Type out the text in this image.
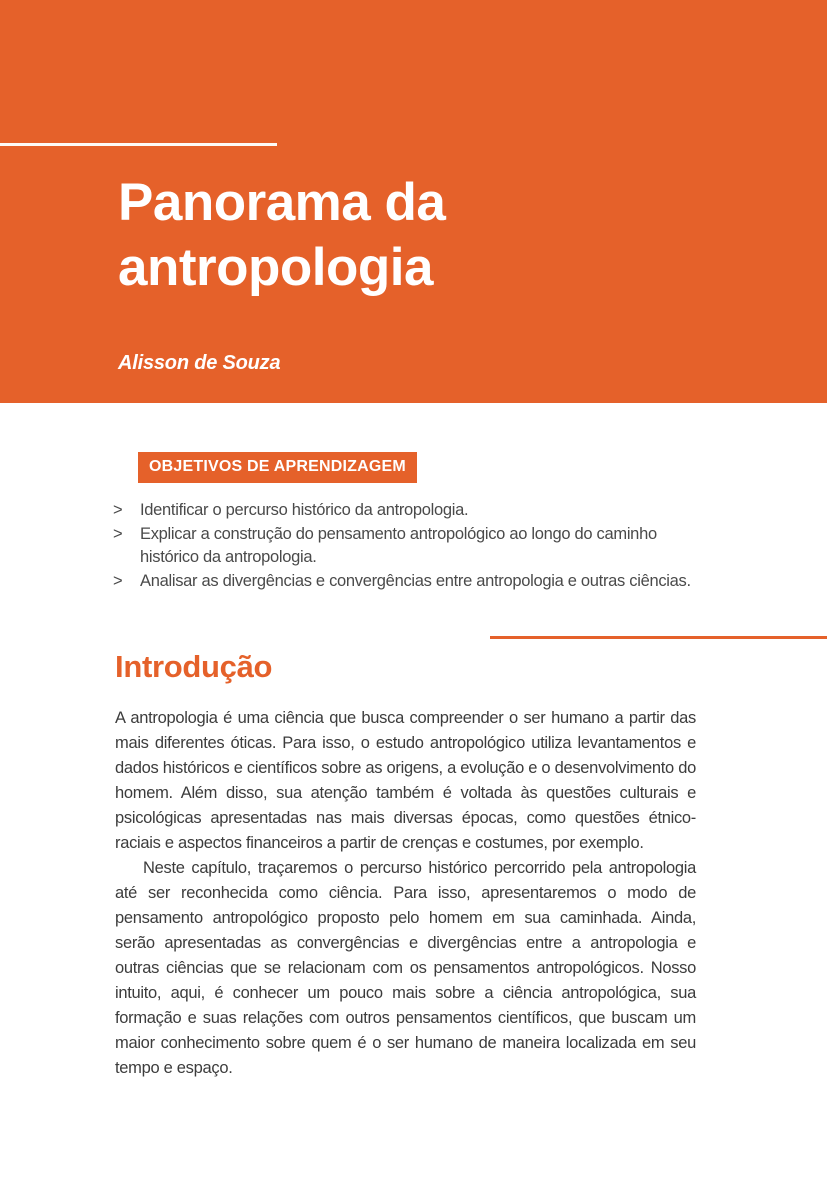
Panorama da
antropologia
Alisson de Souza
OBJETIVOS DE APRENDIZAGEM
>	Identificar o percurso histórico da antropologia.
>	Explicar a construção do pensamento antropológico ao longo do caminho histórico da antropologia.
>	Analisar as divergências e convergências entre antropologia e outras ciências.
Introdução

A antropologia é uma ciência que busca compreender o ser humano a partir das mais diferentes óticas. Para isso, o estudo antropológico utiliza levantamentos e dados históricos e científicos sobre as origens, a evolução e o desenvolvimento do homem. Além disso, sua atenção também é voltada às questões culturais e psicológicas apresentadas nas mais diversas épocas, como questões étnico-raciais e aspectos financeiros a partir de crenças e costumes, por exemplo.

Neste capítulo, traçaremos o percurso histórico percorrido pela antropologia até ser reconhecida como ciência. Para isso, apresentaremos o modo de pensamento antropológico proposto pelo homem em sua caminhada. Ainda, serão apresentadas as convergências e divergências entre a antropologia e outras ciências que se relacionam com os pensamentos antropológicos. Nosso intuito, aqui, é conhecer um pouco mais sobre a ciência antropológica, sua formação e suas relações com outros pensamentos científicos, que buscam um maior conhecimento sobre quem é o ser humano de maneira localizada em seu tempo e espaço.
